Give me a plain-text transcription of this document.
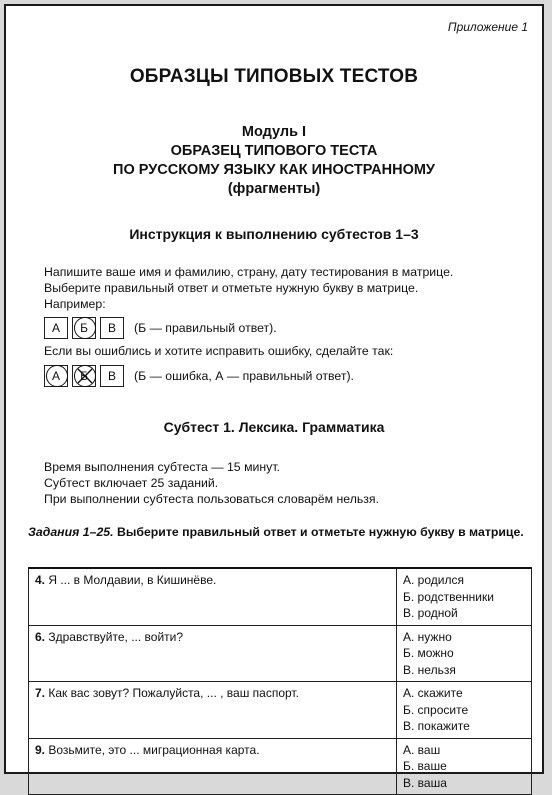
Приложение 1
ОБРАЗЦЫ ТИПОВЫХ ТЕСТОВ
Модуль I
ОБРАЗЕЦ ТИПОВОГО ТЕСТА
ПО РУССКОМУ ЯЗЫКУ КАК ИНОСТРАННОМУ
(фрагменты)
Инструкция к выполнению субтестов 1–3
Напишите ваше имя и фамилию, страну, дату тестирования в матрице.
Выберите правильный ответ и отметьте нужную букву в матрице.
Например:
А Б В (Б — правильный ответ).
Если вы ошиблись и хотите исправить ошибку, сделайте так:
А Б В (Б — ошибка, А — правильный ответ).
Субтест 1. Лексика. Грамматика
Время выполнения субтеста — 15 минут.
Субтест включает 25 заданий.
При выполнении субтеста пользоваться словарём нельзя.
Задания 1–25. Выберите правильный ответ и отметьте нужную букву в матрице.
4. Я ... в Молдавии, в Кишинёве.	А. родился
Б. родственники
В. родной

6. Здравствуйте, ... войти?	А. нужно
Б. можно
В. нельзя

7. Как вас зовут? Пожалуйста, ... , ваш паспорт.	А. скажите
Б. спросите
В. покажите

9. Возьмите, это ... миграционная карта.	А. ваш
Б. ваше
В. ваша
